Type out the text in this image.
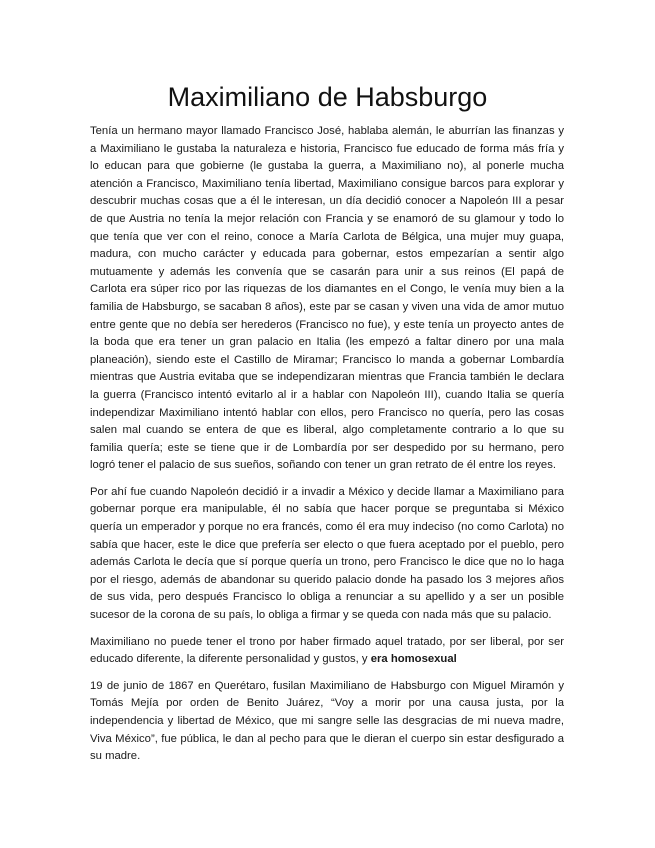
Maximiliano de Habsburgo

Tenía un hermano mayor llamado Francisco José, hablaba alemán, le aburrían las finanzas y a Maximiliano le gustaba la naturaleza e historia, Francisco fue educado de forma más fría y lo educan para que gobierne (le gustaba la guerra, a Maximiliano no), al ponerle mucha atención a Francisco, Maximiliano tenía libertad, Maximiliano consigue barcos para explorar y descubrir muchas cosas que a él le interesan, un día decidió conocer a Napoleón III a pesar de que Austria no tenía la mejor relación con Francia y se enamoró de su glamour y todo lo que tenía que ver con el reino, conoce a María Carlota de Bélgica, una mujer muy guapa, madura, con mucho carácter y educada para gobernar, estos empezarían a sentir algo mutuamente y además les convenía que se casarán para unir a sus reinos (El papá de Carlota era súper rico por las riquezas de los diamantes en el Congo, le venía muy bien a la familia de Habsburgo, se sacaban 8 años), este par se casan y viven una vida de amor mutuo entre gente que no debía ser herederos (Francisco no fue), y este tenía un proyecto antes de la boda que era tener un gran palacio en Italia (les empezó a faltar dinero por una mala planeación), siendo este el Castillo de Miramar; Francisco lo manda a gobernar Lombardía mientras que Austria evitaba que se independizaran mientras que Francia también le declara la guerra (Francisco intentó evitarlo al ir a hablar con Napoleón III), cuando Italia se quería independizar Maximiliano intentó hablar con ellos, pero Francisco no quería, pero las cosas salen mal cuando se entera de que es liberal, algo completamente contrario a lo que su familia quería; este se tiene que ir de Lombardía por ser despedido por su hermano, pero logró tener el palacio de sus sueños, soñando con tener un gran retrato de él entre los reyes.

Por ahí fue cuando Napoleón decidió ir a invadir a México y decide llamar a Maximiliano para gobernar porque era manipulable, él no sabía que hacer porque se preguntaba si México quería un emperador y porque no era francés, como él era muy indeciso (no como Carlota) no sabía que hacer, este le dice que prefería ser electo o que fuera aceptado por el pueblo, pero además Carlota le decía que sí porque quería un trono, pero Francisco le dice que no lo haga por el riesgo, además de abandonar su querido palacio donde ha pasado los 3 mejores años de sus vida, pero después Francisco lo obliga a renunciar a su apellido y a ser un posible sucesor de la corona de su país, lo obliga a firmar y se queda con nada más que su palacio.

Maximiliano no puede tener el trono por haber firmado aquel tratado, por ser liberal, por ser educado diferente, la diferente personalidad y gustos, y era homosexual

19 de junio de 1867 en Querétaro, fusilan Maximiliano de Habsburgo con Miguel Miramón y Tomás Mejía por orden de Benito Juárez, “Voy a morir por una causa justa, por la independencia y libertad de México, que mi sangre selle las desgracias de mi nueva madre, Viva México”, fue pública, le dan al pecho para que le dieran el cuerpo sin estar desfigurado a su madre.
